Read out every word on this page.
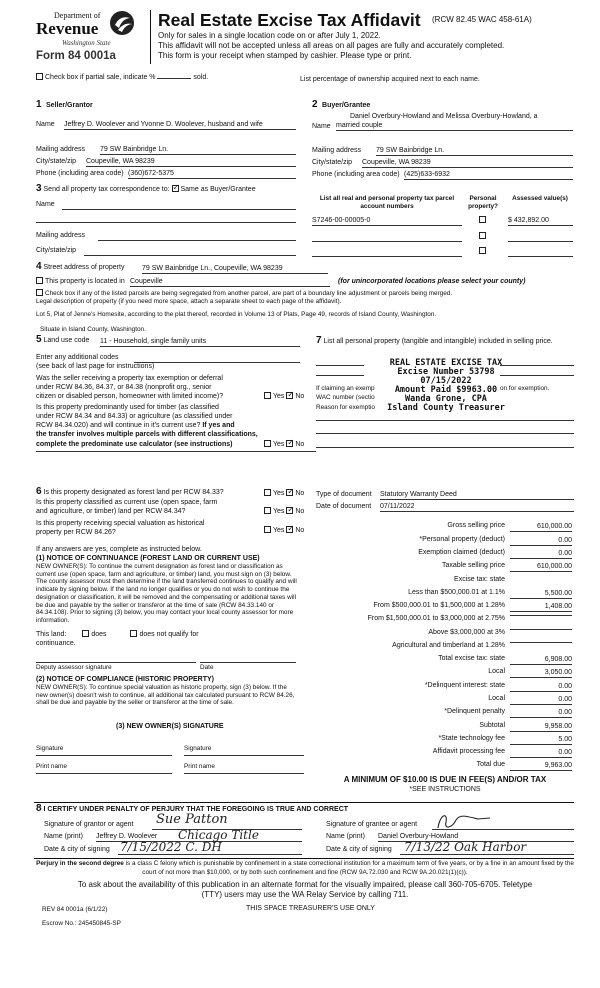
Department of
Revenue
Washington State
Form 84 0001a
Real Estate Excise Tax Affidavit (RCW 82.45 WAC 458-61A)
Only for sales in a single location code on or after July 1, 2022.
This affidavit will not be accepted unless all areas on all pages are fully and accurately completed.
This form is your receipt when stamped by cashier. Please type or print.
Check box if partial sale, indicate %	sold.	List percentage of ownership acquired next to each name.
1 Seller/Grantor
Name Jeffrey D. Woolever and Yvonne D. Woolever, husband and wife
Mailing address 79 SW Bainbridge Ln.
City/state/zip Coupeville, WA 98239
Phone (including area code) (360)672-5375
2 Buyer/Grantee
Daniel Overbury-Howland and Melissa Overbury-Howland, a
Name married couple
Mailing address 79 SW Bainbridge Ln.
City/state/zip Coupeville, WA 98239
Phone (including area code) (425)633-6932
3 Send all property tax correspondence to: ✓ Same as Buyer/Grantee
Name
Mailing address
City/state/zip
List all real and personal property tax parcel account numbers
Personal property?
Assessed value(s)
S7246-00-00005-0	$ 432,892.00
4 Street address of property	79 SW Bainbridge Ln., Coupeville, WA 98239
This property is located in Coupeville	(for unincorporated locations please select your county)
Check box if any of the listed parcels are being segregated from another parcel, are part of a boundary line adjustment or parcels being merged.
Legal description of property (if you need more space, attach a separate sheet to each page of the affidavit).
Lot 5, Plat of Jenne's Homesite, according to the plat thereof, recorded in Volume 13 of Plats, Page 49, records of Island County, Washington.
Situate in Island County, Washington.
5 Land use code 11 - Household, single family units
Enter any additional codes
(see back of last page for instructions)
Was the seller receiving a property tax exemption or deferral
under RCW 84.36, 84.37, or 84.38 (nonprofit org., senior
citizen or disabled person, homeowner with limited income)?	Yes ✓ No
Is this property predominantly used for timber (as classified
under RCW 84.34 and 84.33) or agriculture (as classified under
RCW 84.34.020) and will continue in it's current use? If yes and
the transfer involves multiple parcels with different classifications,
complete the predominate use calculator (see instructions)	Yes ✓ No
7 List all personal property (tangible and intangible) included in selling price.
If claiming an exemp	on for exemption.
WAC number (sectio
Reason for exemptio
REAL ESTATE EXCISE TAX
Excise Number 53798
07/15/2022
Amount Paid $9963.00
Wanda Grone, CPA
Island County Treasurer
6 Is this property designated as forest land per RCW 84.33?	Yes ✓ No
Is this property classified as current use (open space, farm
and agriculture, or timber) land per RCW 84.34?	Yes ✓ No
Is this property receiving special valuation as historical
property per RCW 84.26?	Yes ✓ No
If any answers are yes, complete as instructed below.
(1) NOTICE OF CONTINUANCE (FOREST LAND OR CURRENT USE)
NEW OWNER(S): To continue the current designation as forest land or classification as current use (open space, farm and agriculture, or timber) land, you must sign on (3) below. The county assessor must then determine if the land transferred continues to qualify and will indicate by signing below. If the land no longer qualifies or you do not wish to continue the designation or classification, it will be removed and the compensating or additional taxes will be due and payable by the seller or transferor at the time of sale (RCW 84.33.140 or 84.34.108). Prior to signing (3) below, you may contact your local county assessor for more information.
This land:	does	does not qualify for
continuance.
Deputy assessor signature	Date
(2) NOTICE OF COMPLIANCE (HISTORIC PROPERTY)
NEW OWNER(S): To continue special valuation as historic property, sign (3) below. If the new owner(s) doesn't wish to continue, all additional tax calculated pursuant to RCW 84.26, shall be due and payable by the seller or transferor at the time of sale.
(3) NEW OWNER(S) SIGNATURE
Signature	Signature
Print name	Print name
Type of document Statutory Warranty Deed
Date of document 07/11/2022
Gross selling price	610,000.00
*Personal property (deduct)	0.00
Exemption claimed (deduct)	0.00
Taxable selling price	610,000.00
Excise tax: state
Less than $500,000.01 at 1.1%	5,500.00
From $500,000.01 to $1,500,000 at 1.28%	1,408.00
From $1,500,000.01 to $3,000,000 at 2.75%
Above $3,000,000 at 3%
Agricultural and timberland at 1.28%
Total excise tax: state	6,908.00
Local	3,050.00
*Delinquent interest: state	0.00
Local	0.00
*Delinquent penalty	0.00
Subtotal	9,958.00
*State technology fee	5.00
Affidavit processing fee	0.00
Total due	9,963.00
A MINIMUM OF $10.00 IS DUE IN FEE(S) AND/OR TAX
*SEE INSTRUCTIONS
8 I CERTIFY UNDER PENALTY OF PERJURY THAT THE FOREGOING IS TRUE AND CORRECT
Signature of grantor or agent Sue Patton
Name (print) Jeffrey D. Woolever	Chicago Title
Date & city of signing 7/15/2022 C. DH
Signature of grantee or agent
Name (print) Daniel Overbury-Howland
Date & city of signing 7/13/22 Oak Harbor
Perjury in the second degree is a class C felony which is punishable by confinement in a state correctional institution for a maximum term of five years, or by a fine in an amount fixed by the court of not more than $10,000, or by both such confinement and fine (RCW 9A.72.030 and RCW 9A.20.021(1)(c)).
To ask about the availability of this publication in an alternate format for the visually impaired, please call 360-705-6705. Teletype
(TTY) users may use the WA Relay Service by calling 711.
REV 84 0001a (6/1/22)	THIS SPACE TREASURER'S USE ONLY
Escrow No.: 245450845-SP
